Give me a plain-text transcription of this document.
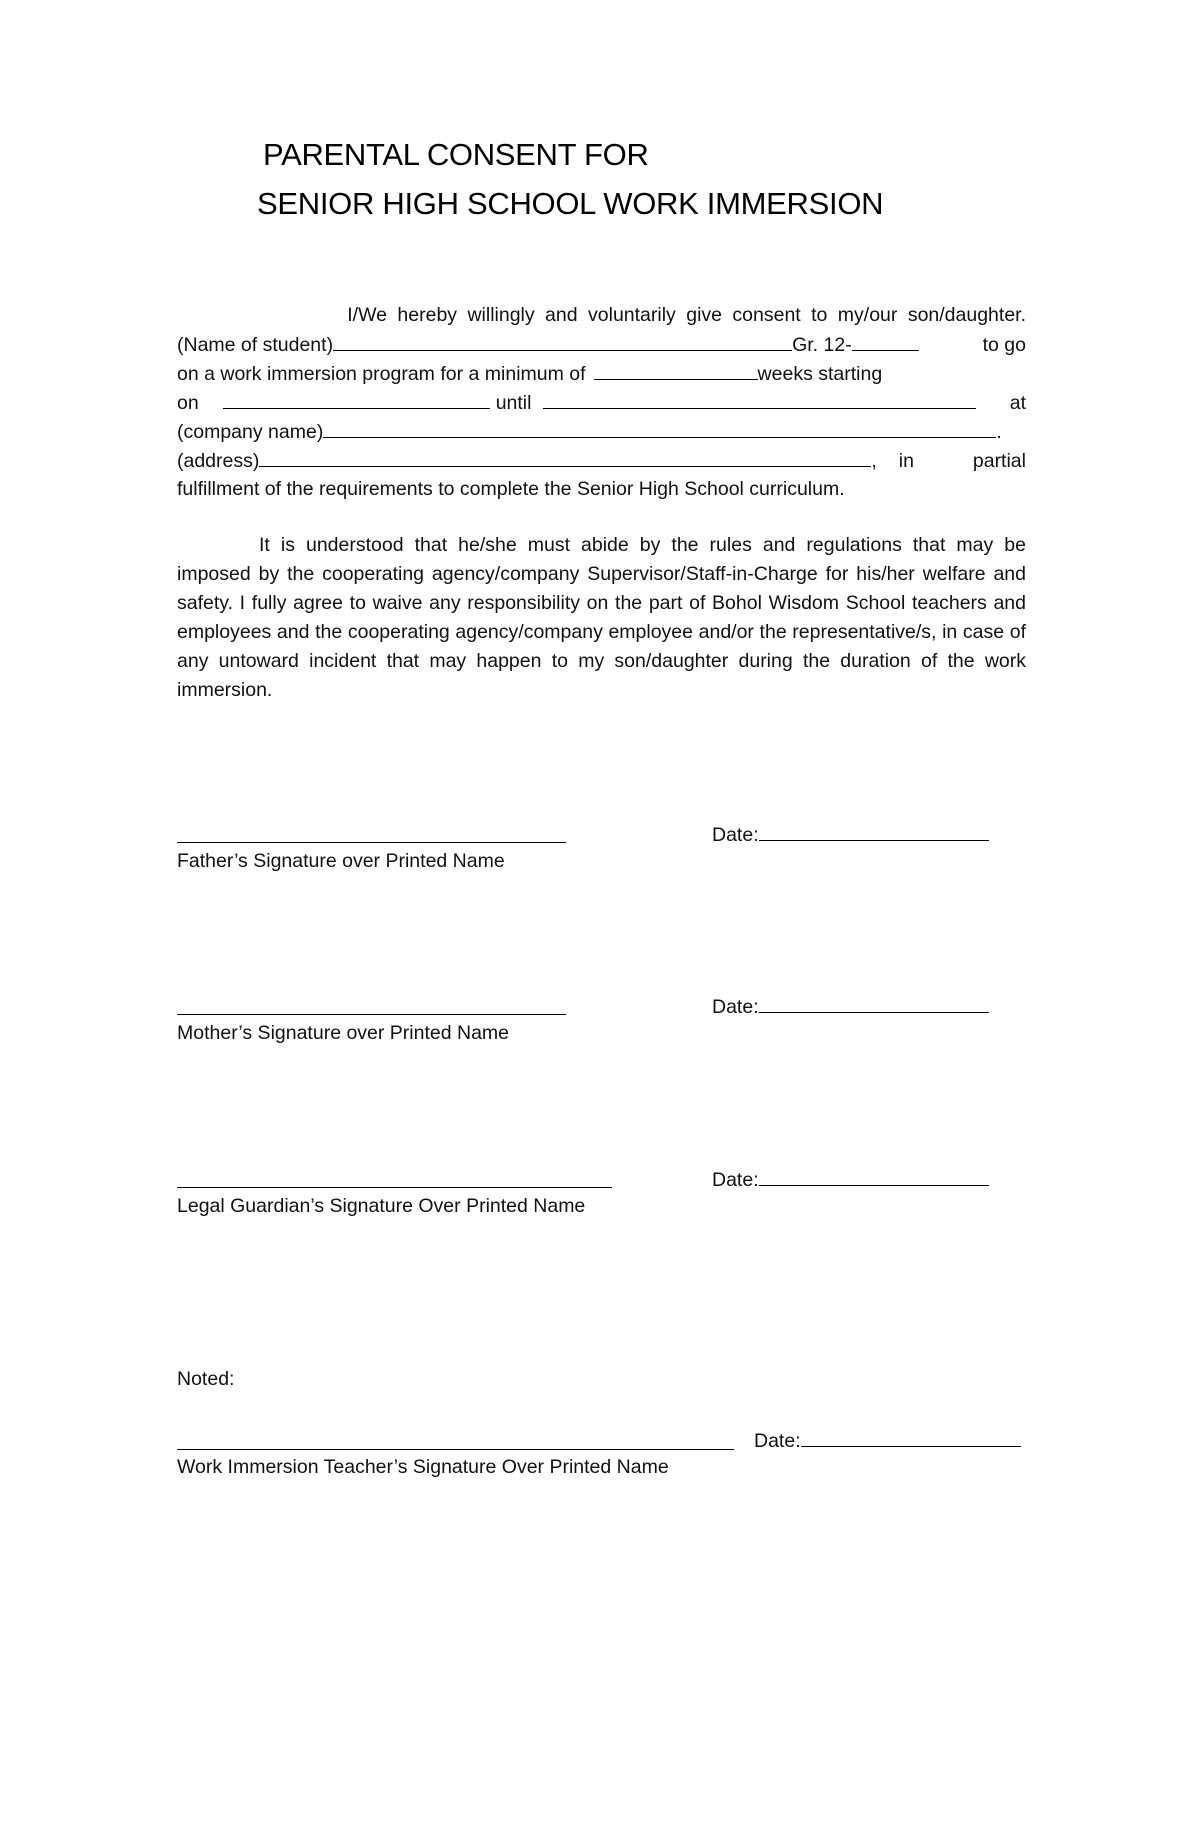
PARENTAL CONSENT FOR
SENIOR HIGH SCHOOL WORK IMMERSION
I/We hereby willingly and voluntarily give consent to my/our son/daughter.
(Name of student)	Gr. 12-	to go
on a work immersion program for a minimum of	weeks starting
on	until	at
(company name)	.
(address)	, in	partial
fulfillment of the requirements to complete the Senior High School curriculum.
It is understood that he/she must abide by the rules and regulations that may be imposed by the cooperating agency/company Supervisor/Staff-in-Charge for his/her welfare and safety. I fully agree to waive any responsibility on the part of Bohol Wisdom School teachers and employees and the cooperating agency/company employee and/or the representative/s, in case of any untoward incident that may happen to my son/daughter during the duration of the work immersion.
Father’s Signature over Printed Name
Date:
Mother’s Signature over Printed Name
Date:
Legal Guardian’s Signature Over Printed Name
Date:
Noted:
Work Immersion Teacher’s Signature Over Printed Name
Date:
